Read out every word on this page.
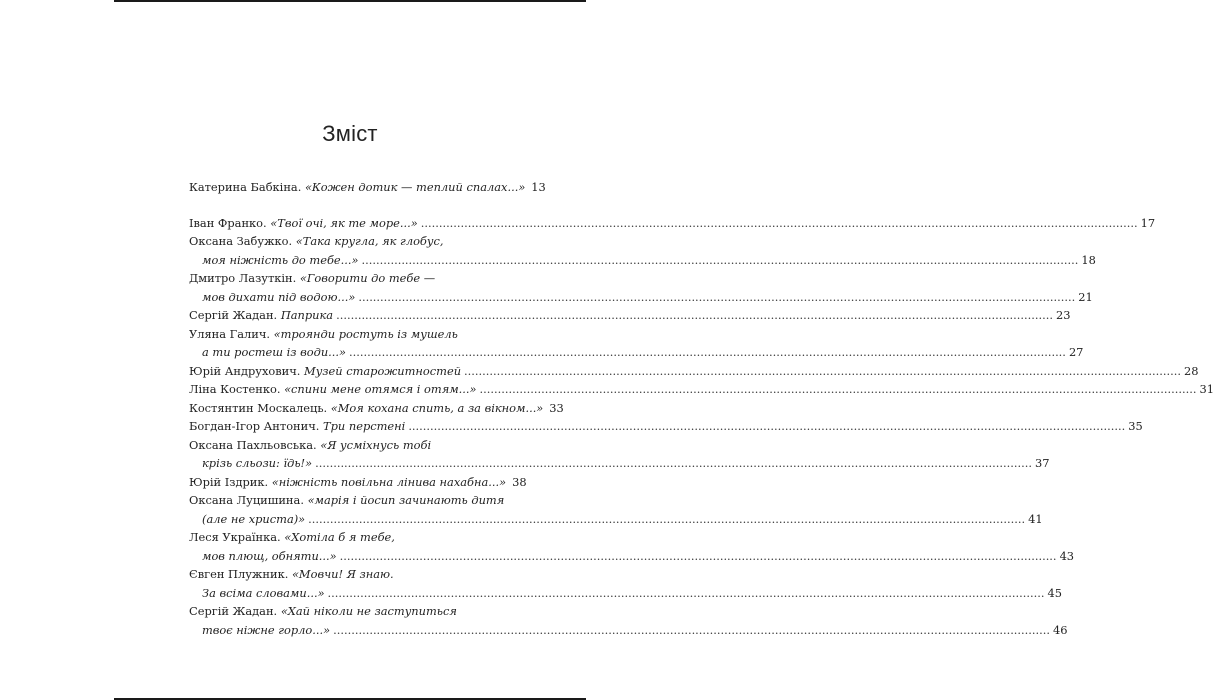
Зміст
Катерина Бабкіна. «Кожен дотик — теплий спалах...» 13
Іван Франко. «Твої очі, як те море...» ...................................................................................................................................................................................................... 17
Оксана Забужко. «Така кругла, як глобус,
моя ніжність до тебе...» ...................................................................................................................................................................................................... 18
Дмитро Лазуткін. «Говорити до тебе —
мов дихати під водою...» ...................................................................................................................................................................................................... 21
Сергій Жадан. Паприка ...................................................................................................................................................................................................... 23
Уляна Галич. «троянди ростуть із мушель
а ти ростеш із води...» ...................................................................................................................................................................................................... 27
Юрій Андрухович. Музей старожитностей ...................................................................................................................................................................................................... 28
Ліна Костенко. «спини мене отямся і отям...» ...................................................................................................................................................................................................... 31
Костянтин Москалець. «Моя кохана спить, а за вікном...» 33
Богдан-Ігор Антонич. Три перстені ...................................................................................................................................................................................................... 35
Оксана Пахльовська. «Я усміхнусь тобі
крізь сльози: їдь!» ...................................................................................................................................................................................................... 37
Юрій Іздрик. «ніжність повільна лінива нахабна...» 38
Оксана Луцишина. «марія і йосип зачинають дитя
(але не христа)» ...................................................................................................................................................................................................... 41
Леся Українка. «Хотіла б я тебе,
мов плющ, обняти...» ...................................................................................................................................................................................................... 43
Євген Плужник. «Мовчи! Я знаю.
За всіма словами...» ...................................................................................................................................................................................................... 45
Сергій Жадан. «Хай ніколи не заступиться
твоє ніжне горло...» ...................................................................................................................................................................................................... 46
